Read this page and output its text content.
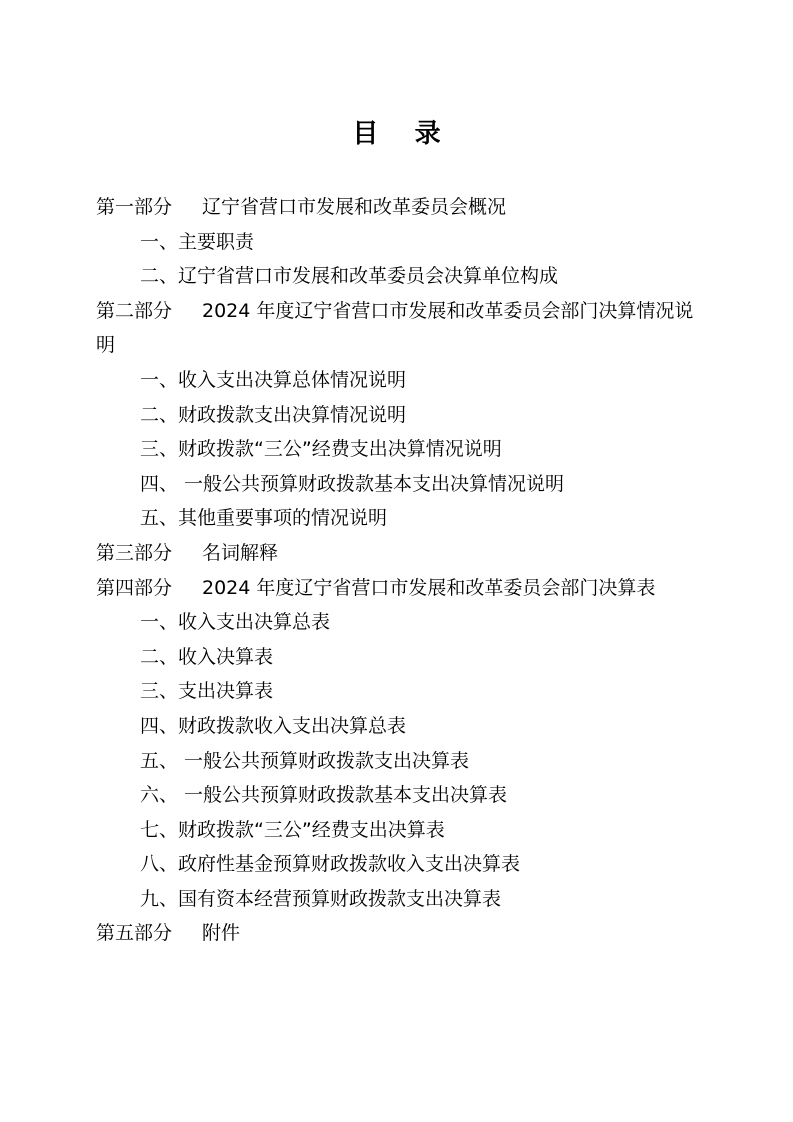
目    录
第一部分 辽宁省营口市发展和改革委员会概况
一、主要职责
二、辽宁省营口市发展和改革委员会决算单位构成
第二部分 2024 年度辽宁省营口市发展和改革委员会部门决算情况说明
一、收入支出决算总体情况说明
二、财政拨款支出决算情况说明
三、财政拨款“三公”经费支出决算情况说明
四、 一般公共预算财政拨款基本支出决算情况说明
五、其他重要事项的情况说明
第三部分 名词解释
第四部分 2024 年度辽宁省营口市发展和改革委员会部门决算表
一、收入支出决算总表
二、收入决算表
三、支出决算表
四、财政拨款收入支出决算总表
五、 一般公共预算财政拨款支出决算表
六、 一般公共预算财政拨款基本支出决算表
七、财政拨款“三公”经费支出决算表
八、政府性基金预算财政拨款收入支出决算表
九、国有资本经营预算财政拨款支出决算表
第五部分 附件
